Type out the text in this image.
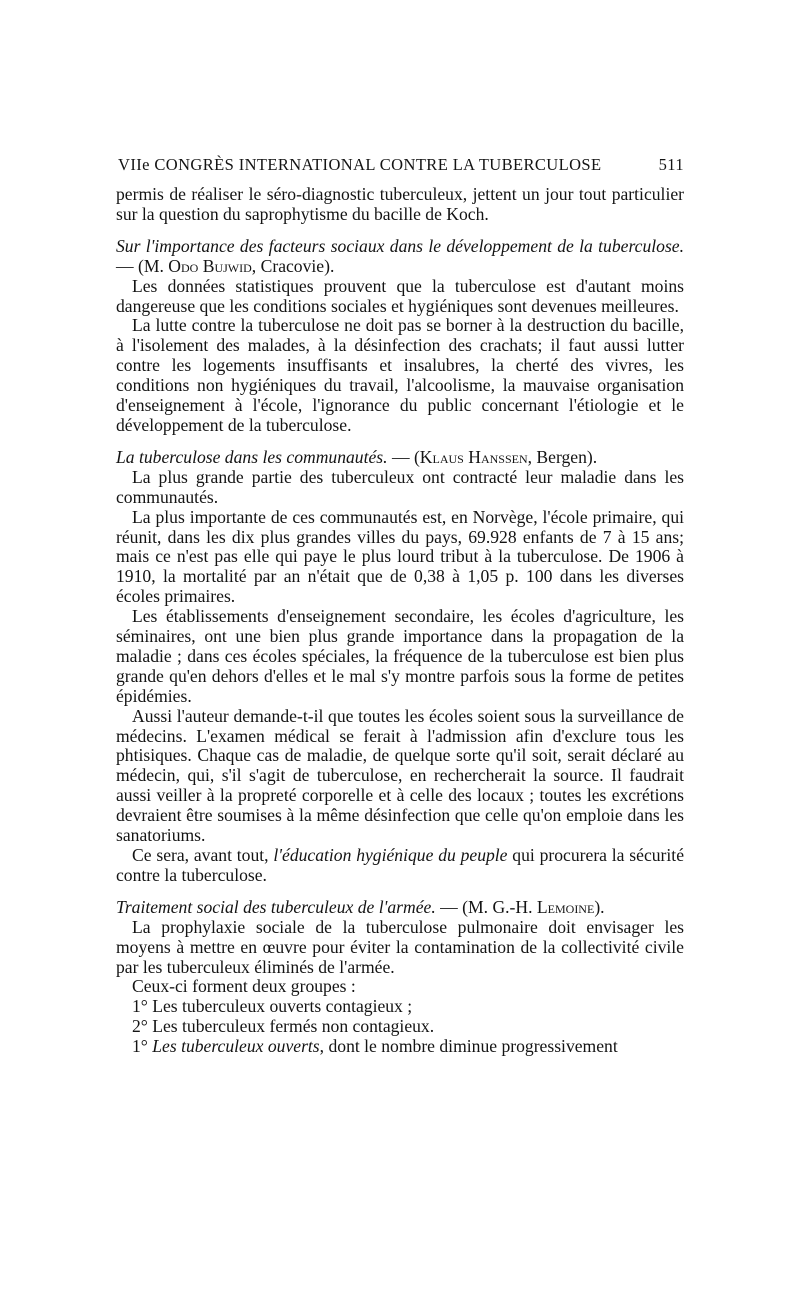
VIIe CONGRÈS INTERNATIONAL CONTRE LA TUBERCULOSE	511

permis de réaliser le séro-diagnostic tuberculeux, jettent un jour tout particulier sur la question du saprophytisme du bacille de Koch.

Sur l'importance des facteurs sociaux dans le développement de la tuberculose. — (M. Odo Bujwid, Cracovie).

Les données statistiques prouvent que la tuberculose est d'autant moins dangereuse que les conditions sociales et hygiéniques sont devenues meilleures.

La lutte contre la tuberculose ne doit pas se borner à la destruction du bacille, à l'isolement des malades, à la désinfection des crachats; il faut aussi lutter contre les logements insuffisants et insalubres, la cherté des vivres, les conditions non hygiéniques du travail, l'alcoolisme, la mauvaise organisation d'enseignement à l'école, l'ignorance du public concernant l'étiologie et le développement de la tuberculose.

La tuberculose dans les communautés. — (Klaus Hanssen, Bergen).

La plus grande partie des tuberculeux ont contracté leur maladie dans les communautés.

La plus importante de ces communautés est, en Norvège, l'école primaire, qui réunit, dans les dix plus grandes villes du pays, 69.928 enfants de 7 à 15 ans; mais ce n'est pas elle qui paye le plus lourd tribut à la tuberculose. De 1906 à 1910, la mortalité par an n'était que de 0,38 à 1,05 p. 100 dans les diverses écoles primaires.

Les établissements d'enseignement secondaire, les écoles d'agriculture, les séminaires, ont une bien plus grande importance dans la propagation de la maladie ; dans ces écoles spéciales, la fréquence de la tuberculose est bien plus grande qu'en dehors d'elles et le mal s'y montre parfois sous la forme de petites épidémies.

Aussi l'auteur demande-t-il que toutes les écoles soient sous la surveillance de médecins. L'examen médical se ferait à l'admission afin d'exclure tous les phtisiques. Chaque cas de maladie, de quelque sorte qu'il soit, serait déclaré au médecin, qui, s'il s'agit de tuberculose, en rechercherait la source. Il faudrait aussi veiller à la propreté corporelle et à celle des locaux ; toutes les excrétions devraient être soumises à la même désinfection que celle qu'on emploie dans les sanatoriums.

Ce sera, avant tout, l'éducation hygiénique du peuple qui procurera la sécurité contre la tuberculose.

Traitement social des tuberculeux de l'armée. — (M. G.-H. Lemoine).

La prophylaxie sociale de la tuberculose pulmonaire doit envisager les moyens à mettre en œuvre pour éviter la contamination de la collectivité civile par les tuberculeux éliminés de l'armée.

Ceux-ci forment deux groupes :

1° Les tuberculeux ouverts contagieux ;

2° Les tuberculeux fermés non contagieux.

1° Les tuberculeux ouverts, dont le nombre diminue progressivement
